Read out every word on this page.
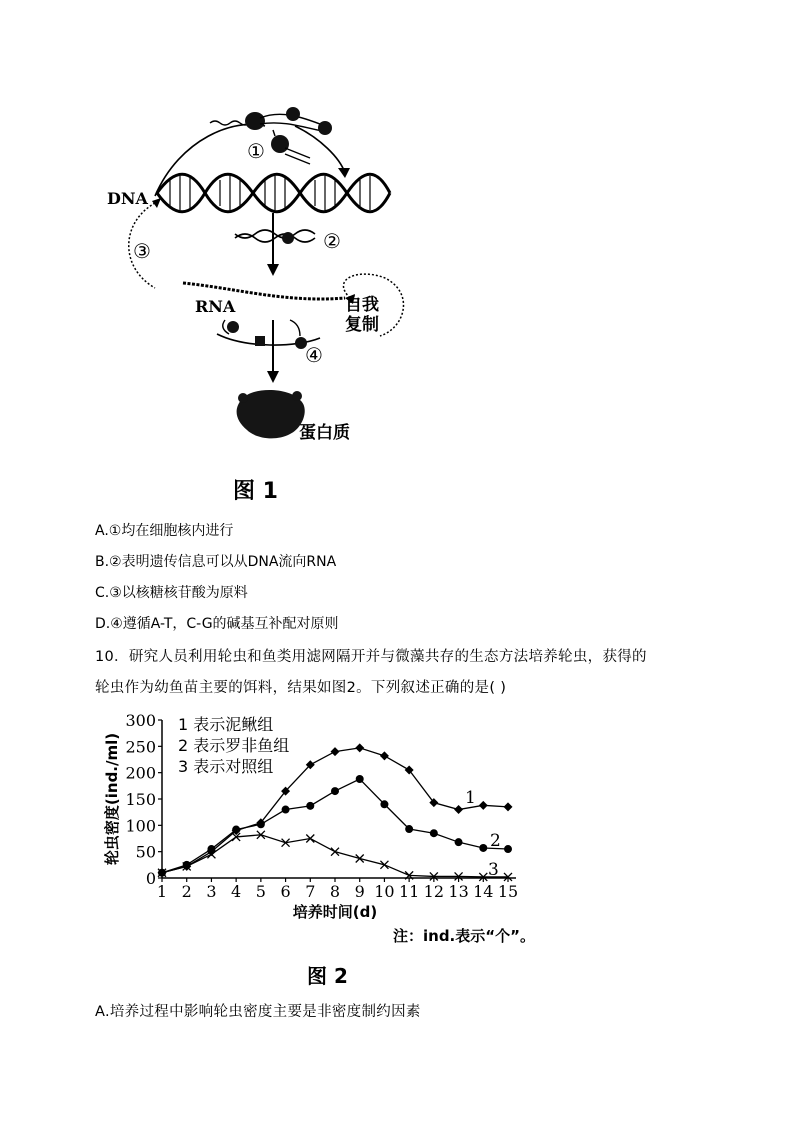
DNA
②
①
③
RNA	自我
复制
④
蛋白质
图 1
A.①均在细胞核内进行
B.②表明遗传信息可以从DNA流向RNA
C.③以核糖核苷酸为原料
D.④遵循A-T，C-G的碱基互补配对原则
10．研究人员利用轮虫和鱼类用滤网隔开并与微藻共存的生态方法培养轮虫，获得的
轮虫作为幼鱼苗主要的饵料，结果如图2。下列叙述正确的是( )
0
50
100
150
200
250
300
1 2 3 4 5 6 7 8 9 10 11 12 13 14 15
培养时间(d)
轮虫密度(ind./ml)	1
2
3
1 表示泥鳅组
2 表示罗非鱼组
3 表示对照组
注：ind.表示“个”。
图 2
A.培养过程中影响轮虫密度主要是非密度制约因素
